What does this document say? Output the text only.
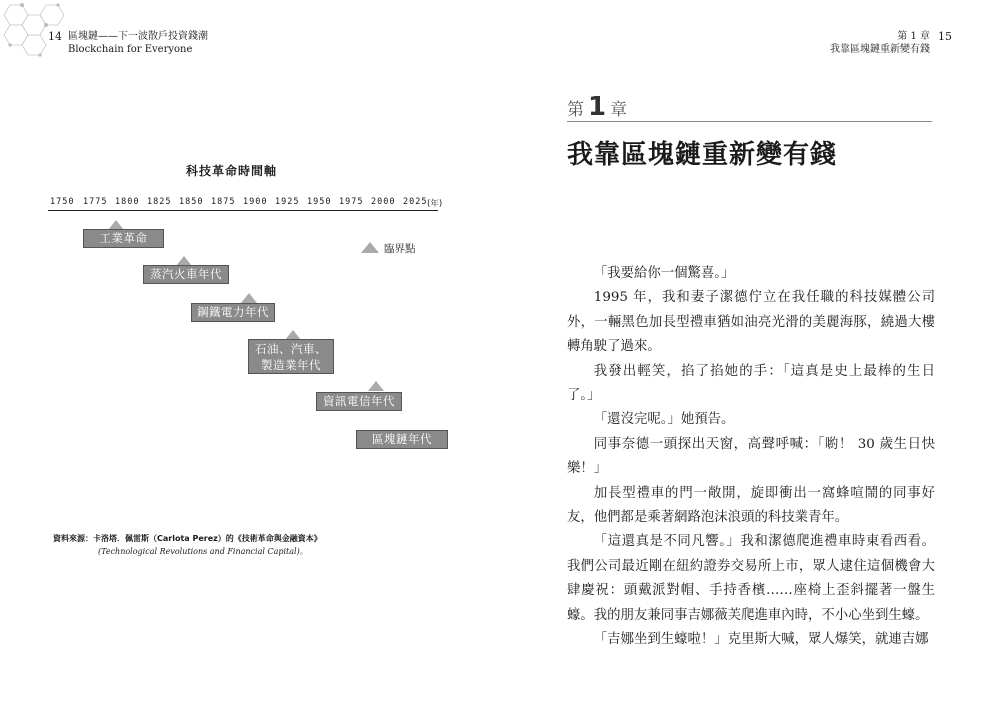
14 區塊鏈——下一波散戶投資錢潮
Blockchain for Everyone
科技革命時間軸
1750 1775 1800 1825 1850 1875 1900 1925 1950 1975 2000 2025 (年)
工業革命
蒸汽火車年代
鋼鐵電力年代
石油、汽車、
製造業年代
資訊電信年代
區塊鏈年代
臨界點
資料來源：卡洛塔．佩雷斯（Carlota Perez）的《技術革命與金融資本》
(Technological Revolutions and Financial Capital)。
15
第 1 章
我靠區塊鏈重新變有錢
第 1 章
我靠區塊鏈重新變有錢

「我要給你一個驚喜。」

1995 年，我和妻子潔德佇立在我任職的科技媒體公司外，一輛黑色加長型禮車猶如油亮光滑的美麗海豚，繞過大樓轉角駛了過來。

我發出輕笑，掐了掐她的手：「這真是史上最棒的生日了。」

「還沒完呢。」她預告。

同事奈德一頭探出天窗，高聲呼喊：「喲！ 30 歲生日快樂！」

加長型禮車的門一敞開，旋即衝出一窩蜂喧鬧的同事好友，他們都是乘著網路泡沫浪頭的科技業青年。

「這還真是不同凡響。」我和潔德爬進禮車時東看西看。我們公司最近剛在紐約證券交易所上市，眾人逮住這個機會大肆慶祝：頭戴派對帽、手持香檳……座椅上歪斜擺著一盤生蠔。我的朋友兼同事吉娜薇芙爬進車內時，不小心坐到生蠔。

「吉娜坐到生蠔啦！」克里斯大喊，眾人爆笑，就連吉娜
